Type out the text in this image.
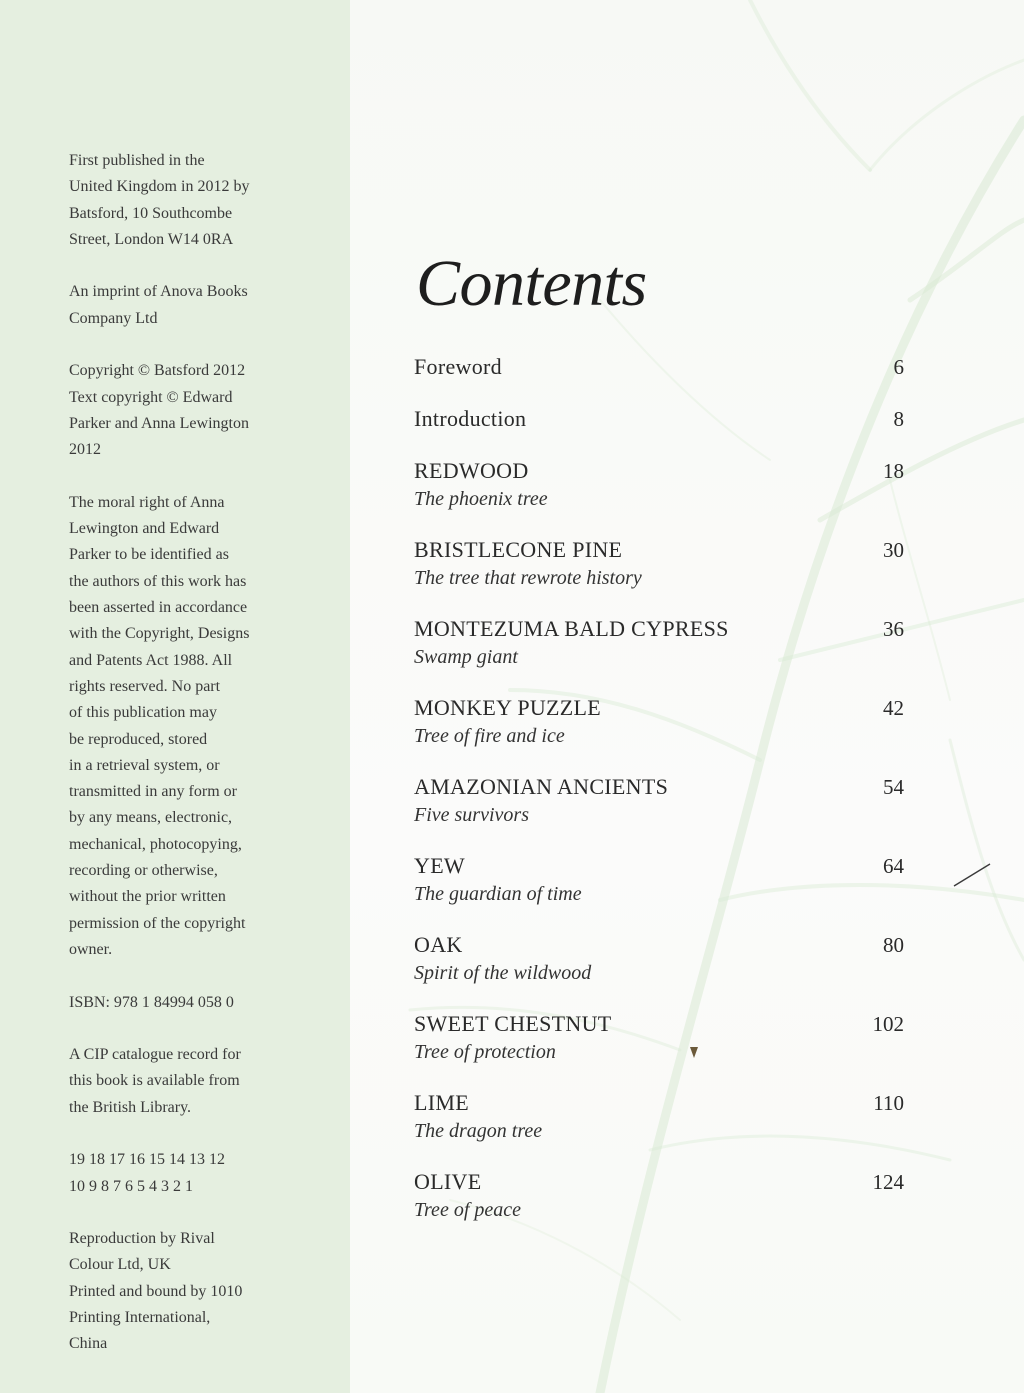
First published in the
United Kingdom in 2012 by
Batsford, 10 Southcombe
Street, London W14 0RA

An imprint of Anova Books
Company Ltd

Copyright © Batsford 2012
Text copyright © Edward
Parker and Anna Lewington
2012

The moral right of Anna
Lewington and Edward
Parker to be identified as
the authors of this work has
been asserted in accordance
with the Copyright, Designs
and Patents Act 1988. All
rights reserved. No part
of this publication may
be reproduced, stored
in a retrieval system, or
transmitted in any form or
by any means, electronic,
mechanical, photocopying,
recording or otherwise,
without the prior written
permission of the copyright
owner.

ISBN: 978 1 84994 058 0

A CIP catalogue record for
this book is available from
the British Library.

19 18 17 16 15 14 13 12
10 9 8 7 6 5 4 3 2 1

Reproduction by Rival
Colour Ltd, UK
Printed and bound by 1010
Printing International,
China

Contents
Foreword	6
Introduction	8
REDWOOD
The phoenix tree
18
BRISTLECONE PINE
The tree that rewrote history
30
MONTEZUMA BALD CYPRESS
Swamp giant
36
MONKEY PUZZLE
Tree of fire and ice
42
AMAZONIAN ANCIENTS
Five survivors
54
YEW
The guardian of time
64
OAK
Spirit of the wildwood
80
SWEET CHESTNUT
Tree of protection
102
LIME
The dragon tree
110
OLIVE
Tree of peace
124
